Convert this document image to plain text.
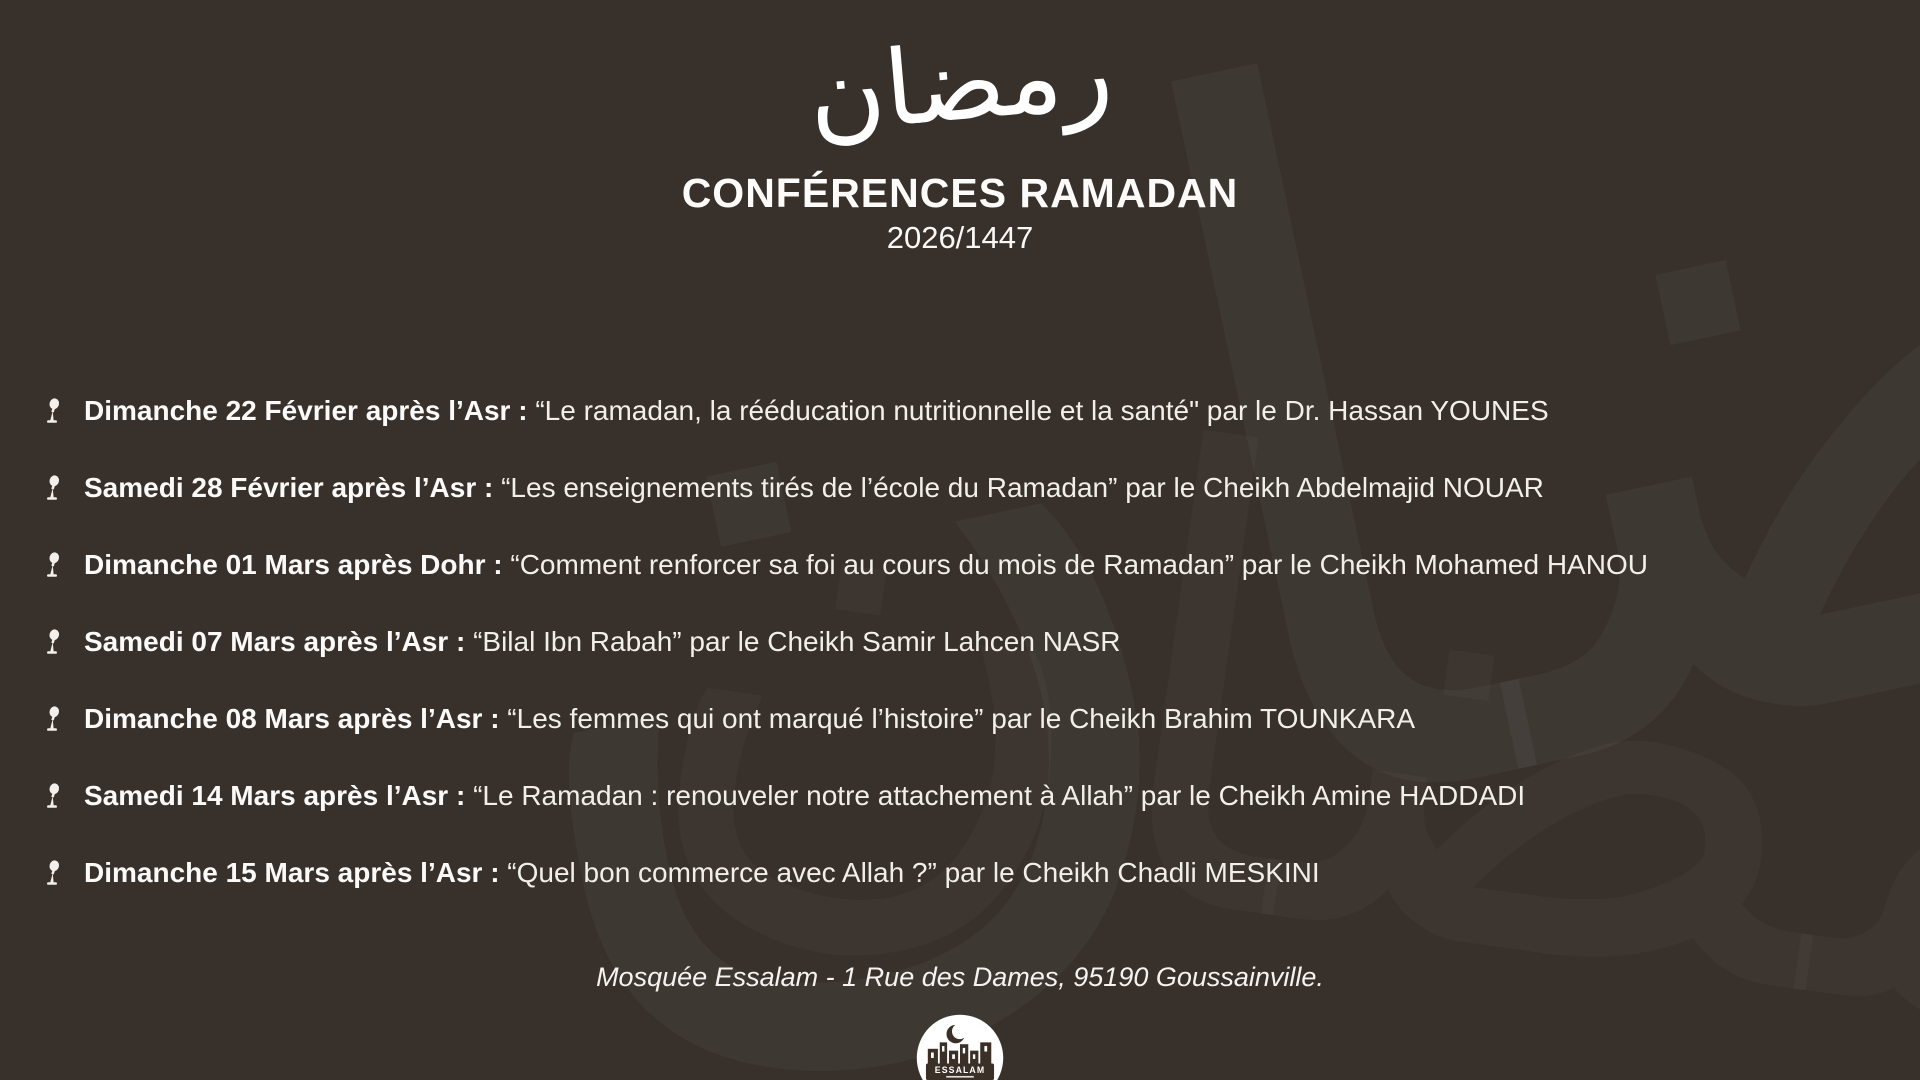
رمضان
CONFÉRENCES RAMADAN
2026/1447
Dimanche 22 Février après l’Asr : “Le ramadan, la rééducation nutritionnelle et la santé" par le Dr. Hassan YOUNES
Samedi 28 Février après l’Asr : “Les enseignements tirés de l’école du Ramadan” par le Cheikh Abdelmajid NOUAR
Dimanche 01 Mars après Dohr : “Comment renforcer sa foi au cours du mois de Ramadan” par le Cheikh Mohamed HANOU
Samedi 07 Mars après l’Asr : “Bilal Ibn Rabah” par le Cheikh Samir Lahcen NASR
Dimanche 08 Mars après l’Asr : “Les femmes qui ont marqué l’histoire” par le Cheikh Brahim TOUNKARA
Samedi 14 Mars après l’Asr : “Le Ramadan : renouveler notre attachement à Allah” par le Cheikh Amine HADDADI
Dimanche 15 Mars après l’Asr : “Quel bon commerce avec Allah ?” par le Cheikh Chadli MESKINI
Mosquée Essalam - 1 Rue des Dames, 95190 Goussainville.
ESSALAM
